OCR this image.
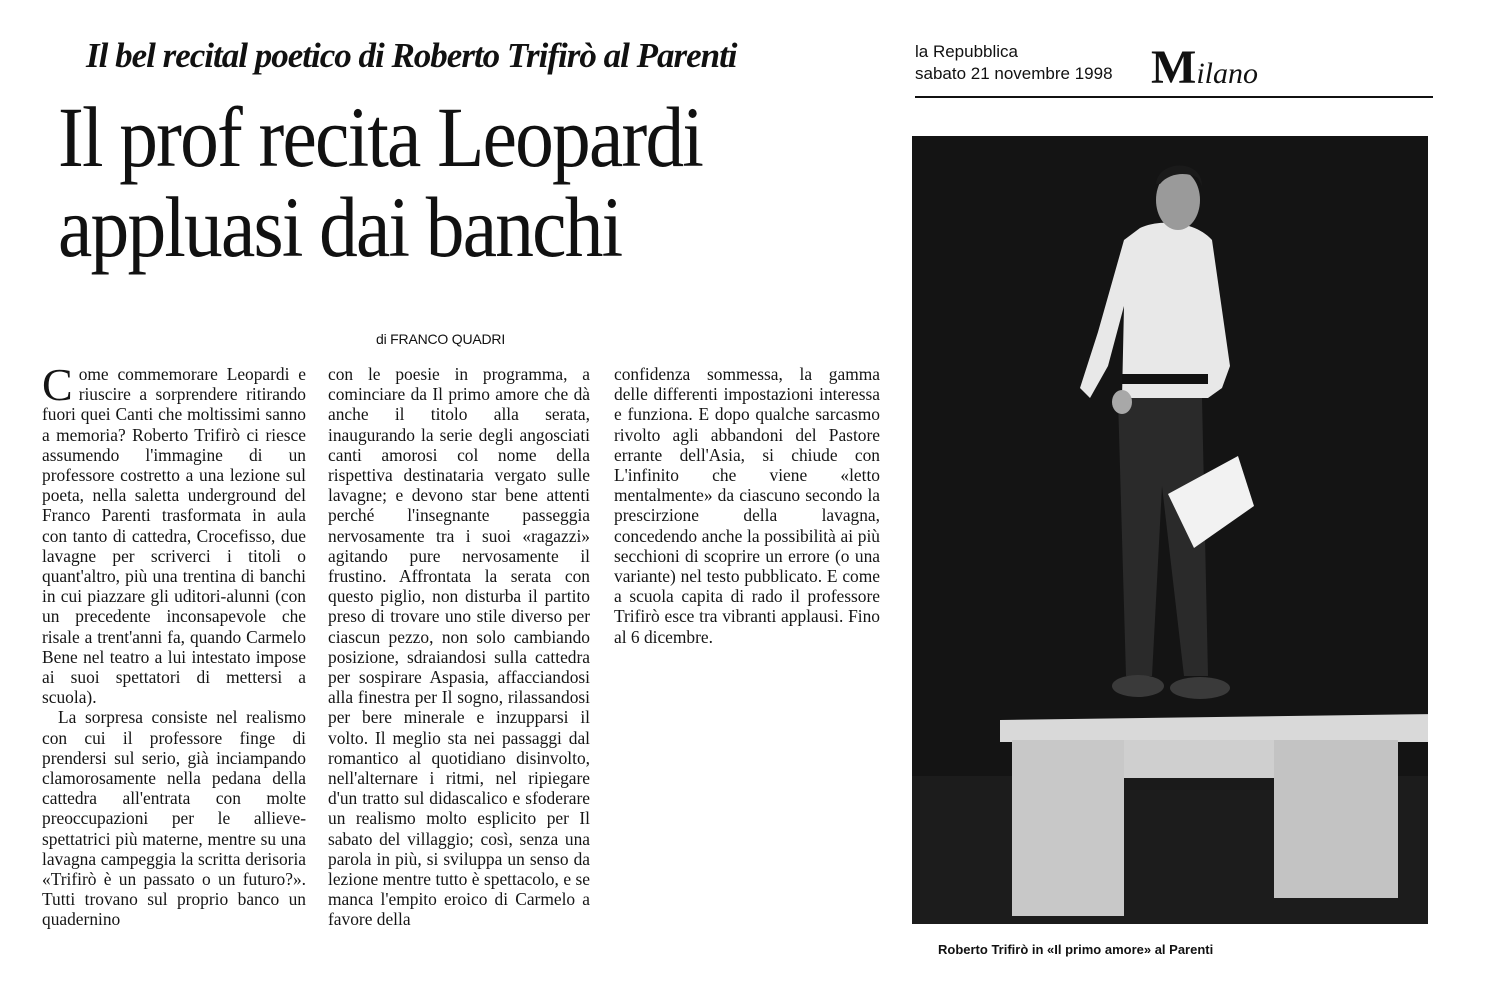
Il bel recital poetico di Roberto Trifirò al Parenti
Il prof recita Leopardi
appluasi dai banchi
la Repubblica
sabato 21 novembre 1998 Milano
di FRANCO QUADRI

Come commemorare Leopardi e riuscire a sorprendere ritirando fuori quei Canti che moltissimi sanno a memoria? Roberto Trifirò ci riesce assumendo l'immagine di un professore costretto a una lezione sul poeta, nella saletta underground del Franco Parenti trasformata in aula con tanto di cattedra, Crocefisso, due lavagne per scriverci i titoli o quant'altro, più una trentina di banchi in cui piazzare gli uditori-alunni (con un precedente inconsapevole che risale a trent'anni fa, quando Carmelo Bene nel teatro a lui intestato impose ai suoi spettatori di mettersi a scuola).

La sorpresa consiste nel realismo con cui il professore finge di prendersi sul serio, già inciampando clamorosamente nella pedana della cattedra all'entrata con molte preoccupazioni per le allieve-spettatrici più materne, mentre su una lavagna campeggia la scritta derisoria «Trifirò è un passato o un futuro?». Tutti trovano sul proprio banco un quadernino

con le poesie in programma, a cominciare da Il primo amore che dà anche il titolo alla serata, inaugurando la serie degli angosciati canti amorosi col nome della rispettiva destinataria vergato sulle lavagne; e devono star bene attenti perché l'insegnante passeggia nervosamente tra i suoi «ragazzi» agitando pure nervosamente il frustino. Affrontata la serata con questo piglio, non disturba il partito preso di trovare uno stile diverso per ciascun pezzo, non solo cambiando posizione, sdraiandosi sulla cattedra per sospirare Aspasia, affacciandosi alla finestra per Il sogno, rilassandosi per bere minerale e inzupparsi il volto. Il meglio sta nei passaggi dal romantico al quotidiano disinvolto, nell'alternare i ritmi, nel ripiegare d'un tratto sul didascalico e sfoderare un realismo molto esplicito per Il sabato del villaggio; così, senza una parola in più, si sviluppa un senso da lezione mentre tutto è spettacolo, e se manca l'empito eroico di Carmelo a favore della

confidenza sommessa, la gamma delle differenti impostazioni interessa e funziona. E dopo qualche sarcasmo rivolto agli abbandoni del Pastore errante dell'Asia, si chiude con L'infinito che viene «letto mentalmente» da ciascuno secondo la prescirzione della lavagna, concedendo anche la possibilità ai più secchioni di scoprire un errore (o una variante) nel testo pubblicato. E come a scuola capita di rado il professore Trifirò esce tra vibranti applausi. Fino al 6 dicembre.

Roberto Trifirò in «Il primo amore» al Parenti
